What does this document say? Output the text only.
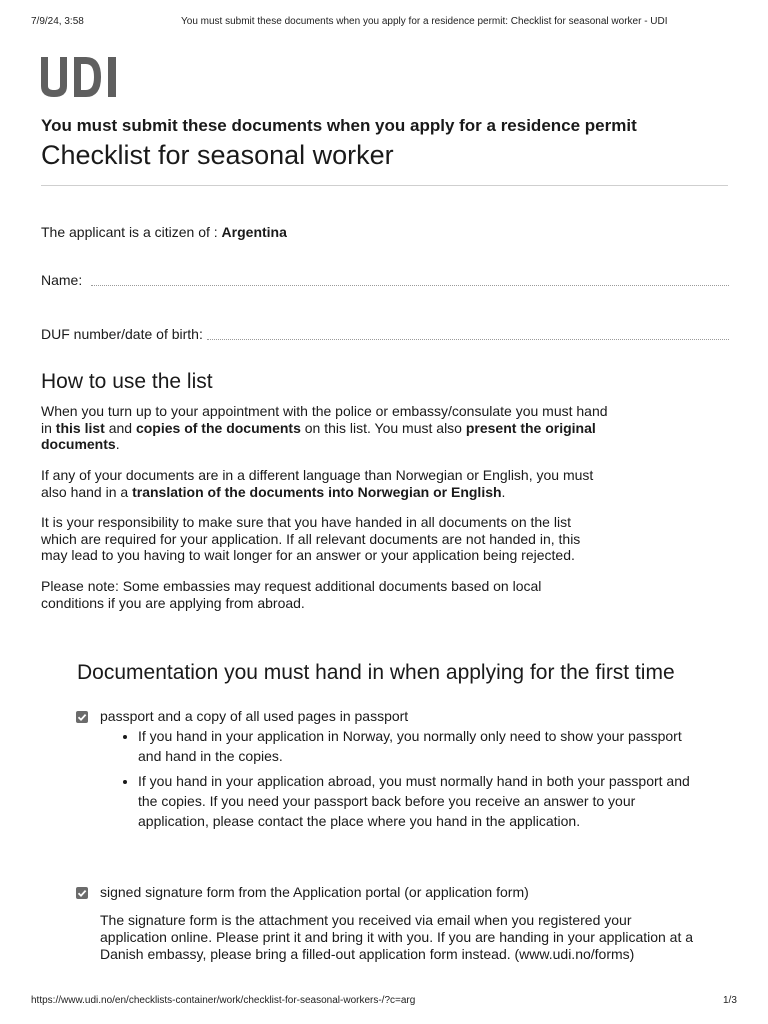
7/9/24, 3:58	You must submit these documents when you apply for a residence permit: Checklist for seasonal worker - UDI
You must submit these documents when you apply for a residence permit
Checklist for seasonal worker
The applicant is a citizen of : Argentina
Name:
DUF number/date of birth:
How to use the list

When you turn up to your appointment with the police or embassy/consulate you must hand in this list and copies of the documents on this list. You must also present the original documents.

If any of your documents are in a different language than Norwegian or English, you must also hand in a translation of the documents into Norwegian or English.

It is your responsibility to make sure that you have handed in all documents on the list which are required for your application. If all relevant documents are not handed in, this may lead to you having to wait longer for an answer or your application being rejected.

Please note: Some embassies may request additional documents based on local conditions if you are applying from abroad.

Documentation you must hand in when applying for the first time
passport and a copy of all used pages in passport
• If you hand in your application in Norway, you normally only need to show your passport and hand in the copies.
• If you hand in your application abroad, you must normally hand in both your passport and the copies. If you need your passport back before you receive an answer to your application, please contact the place where you hand in the application.
signed signature form from the Application portal (or application form)

The signature form is the attachment you received via email when you registered your application online. Please print it and bring it with you. If you are handing in your application at a Danish embassy, please bring a filled-out application form instead. (www.udi.no/forms)

https://www.udi.no/en/checklists-container/work/checklist-for-seasonal-workers-/?c=arg	1/3
